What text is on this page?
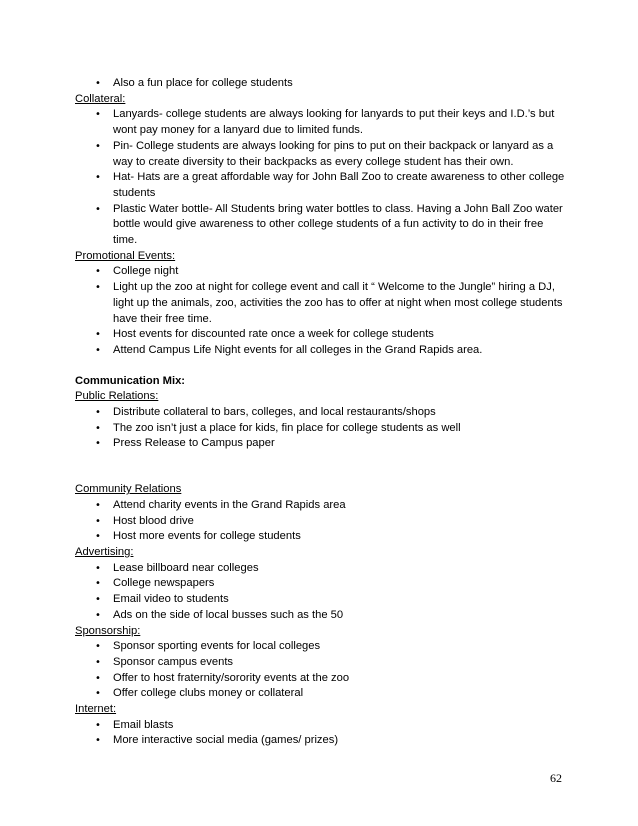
•	Also a fun place for college students

Collateral:

•	Lanyards- college students are always looking for lanyards to put their keys and I.D.’s but wont pay money for a lanyard due to limited funds.
•	Pin- College students are always looking for pins to put on their backpack or lanyard as a way to create diversity to their backpacks as every college student has their own.
•	Hat- Hats are a great affordable way for John Ball Zoo to create awareness to other college students
•	Plastic Water bottle- All Students bring water bottles to class. Having a John Ball Zoo water bottle would give awareness to other college students of a fun activity to do in their free time.

Promotional Events:

•	College night
•	Light up the zoo at night for college event and call it “ Welcome to the Jungle” hiring a DJ, light up the animals, zoo, activities the zoo has to offer at night when most college students have their free time.
•	Host events for discounted rate once a week for college students
•	Attend Campus Life Night events for all colleges in the Grand Rapids area.

Communication Mix:

Public Relations:

•	Distribute collateral to bars, colleges, and local restaurants/shops
•	The zoo isn’t just a place for kids, fin place for college students as well
•	Press Release to Campus paper

Community Relations

•	Attend charity events in the Grand Rapids area
•	Host blood drive
•	Host more events for college students

Advertising:

•	Lease billboard near colleges
•	College newspapers
•	Email video to students
•	Ads on the side of local busses such as the 50

Sponsorship:

•	Sponsor sporting events for local colleges
•	Sponsor campus events
•	Offer to host fraternity/sorority events at the zoo
•	Offer college clubs money or collateral

Internet:

•	Email blasts
•	More interactive social media (games/ prizes)
62
